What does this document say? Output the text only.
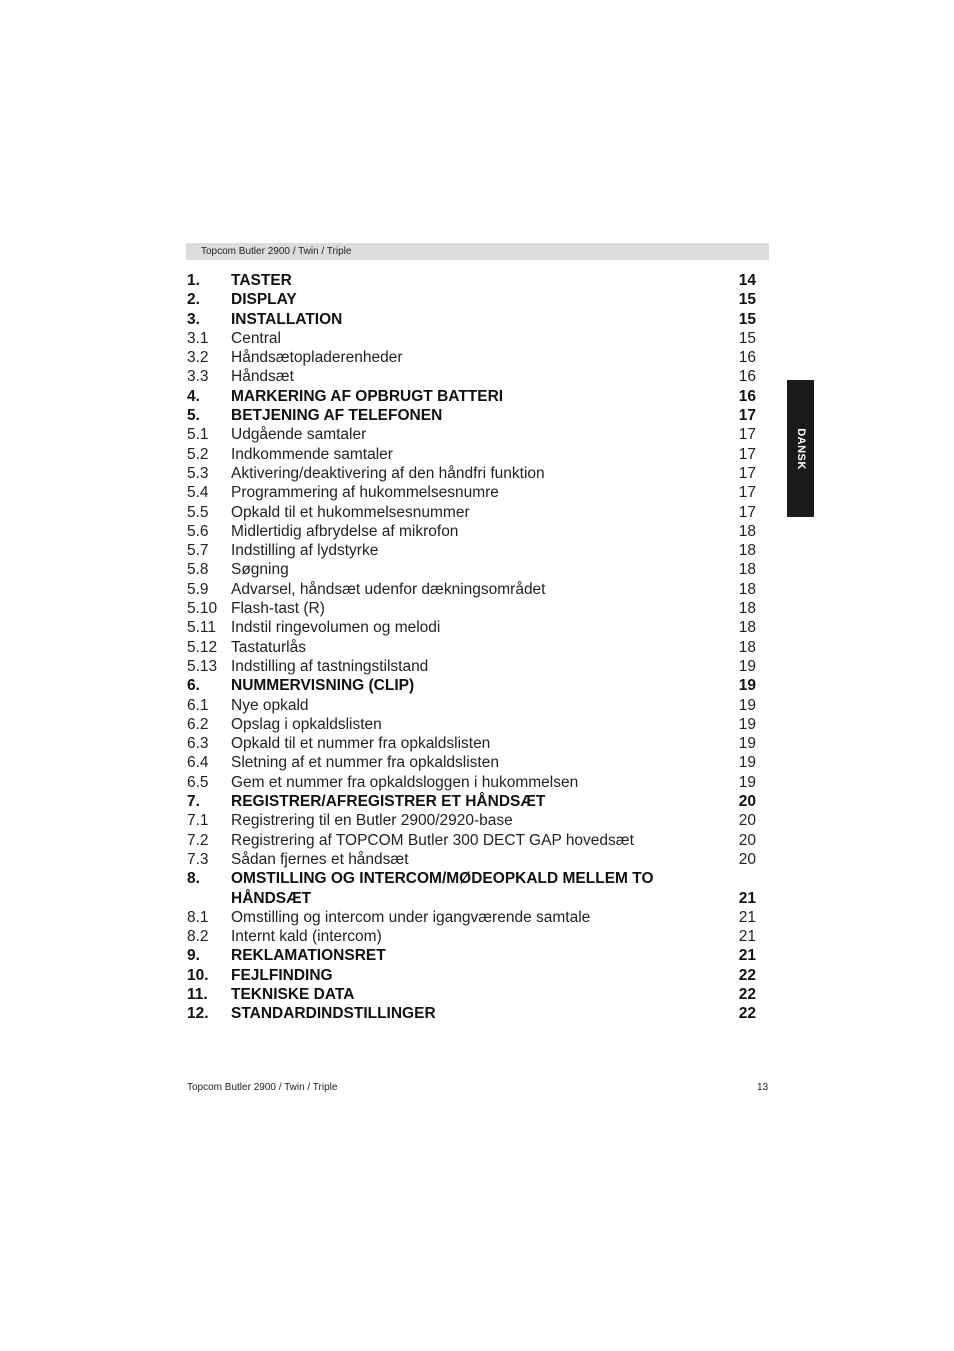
Topcom Butler 2900 / Twin / Triple
DANSK
1. TASTER	14
2. DISPLAY	15
3. INSTALLATION	15
3.1 Central	15
3.2 Håndsætopladerenheder	16
3.3 Håndsæt	16
4. MARKERING AF OPBRUGT BATTERI	16
5. BETJENING AF TELEFONEN	17
5.1 Udgående samtaler	17
5.2 Indkommende samtaler	17
5.3 Aktivering/deaktivering af den håndfri funktion	17
5.4 Programmering af hukommelsesnumre	17
5.5 Opkald til et hukommelsesnummer	17
5.6 Midlertidig afbrydelse af mikrofon	18
5.7 Indstilling af lydstyrke	18
5.8 Søgning	18
5.9 Advarsel, håndsæt udenfor dækningsområdet	18
5.10 Flash-tast (R)	18
5.11 Indstil ringevolumen og melodi	18
5.12 Tastaturlås	18
5.13 Indstilling af tastningstilstand	19
6. NUMMERVISNING (CLIP)	19
6.1 Nye opkald	19
6.2 Opslag i opkaldslisten	19
6.3 Opkald til et nummer fra opkaldslisten	19
6.4 Sletning af et nummer fra opkaldslisten	19
6.5 Gem et nummer fra opkaldsloggen i hukommelsen	19
7. REGISTRER/AFREGISTRER ET HÅNDSÆT	20
7.1 Registrering til en Butler 2900/2920-base	20
7.2 Registrering af TOPCOM Butler 300 DECT GAP hovedsæt	20
7.3 Sådan fjernes et håndsæt	20
8. OMSTILLING OG INTERCOM/MØDEOPKALD MELLEM TO
HÅNDSÆT	21
8.1 Omstilling og intercom under igangværende samtale	21
8.2 Internt kald (intercom)	21
9. REKLAMATIONSRET	21
10. FEJLFINDING	22
11. TEKNISKE DATA	22
12. STANDARDINDSTILLINGER	22
Topcom Butler 2900 / Twin / Triple	13
